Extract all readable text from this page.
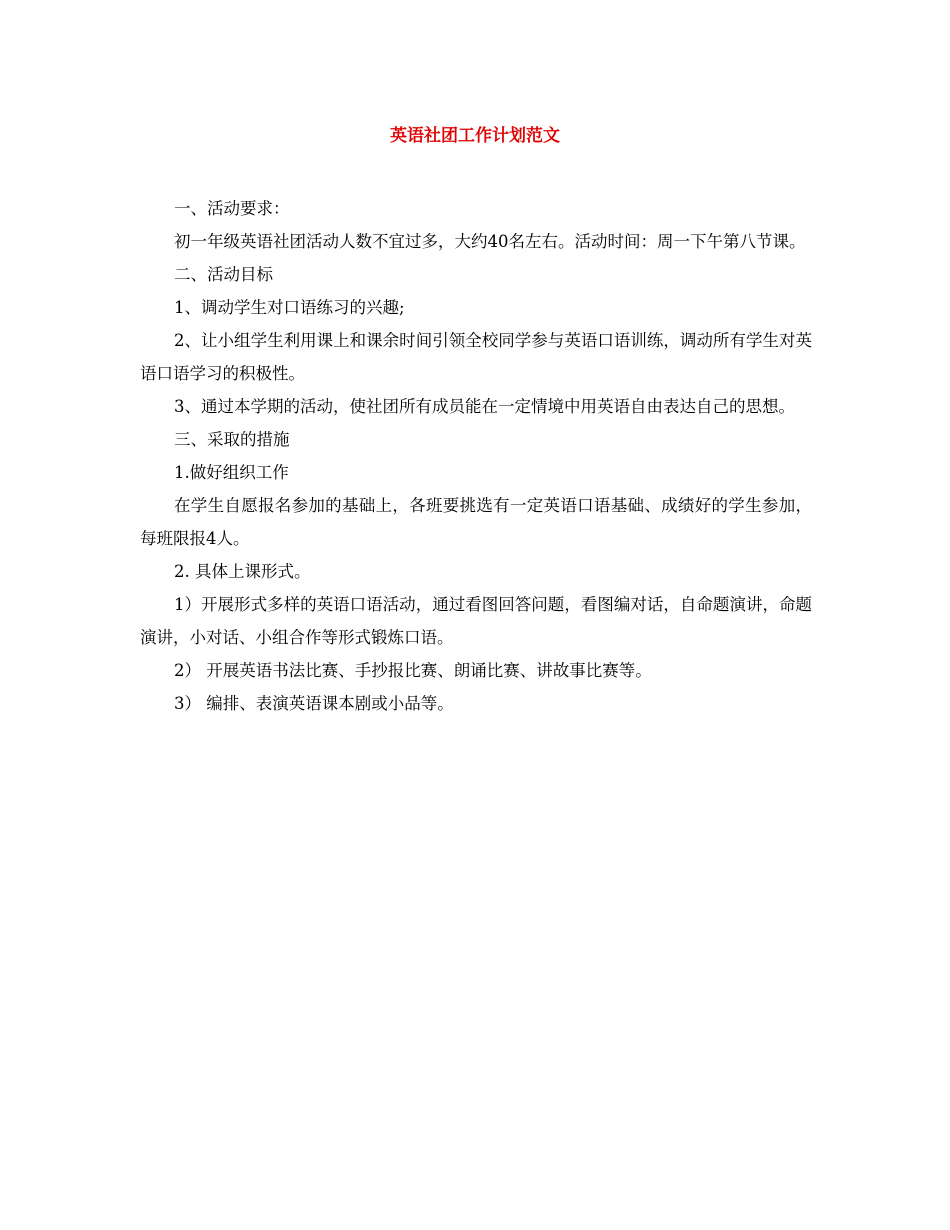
英语社团工作计划范文

一、活动要求：

初一年级英语社团活动人数不宜过多，大约40名左右。活动时间：周一下午第八节课。

二、活动目标

1、调动学生对口语练习的兴趣;

2、让小组学生利用课上和课余时间引领全校同学参与英语口语训练，调动所有学生对英语口语学习的积极性。

3、通过本学期的活动，使社团所有成员能在一定情境中用英语自由表达自己的思想。

三、采取的措施

1.做好组织工作

在学生自愿报名参加的基础上，各班要挑选有一定英语口语基础、成绩好的学生参加，每班限报4人。

2. 具体上课形式。

1）开展形式多样的英语口语活动，通过看图回答问题，看图编对话，自命题演讲，命题演讲，小对话、小组合作等形式锻炼口语。

2） 开展英语书法比赛、手抄报比赛、朗诵比赛、讲故事比赛等。

3） 编排、表演英语课本剧或小品等。
